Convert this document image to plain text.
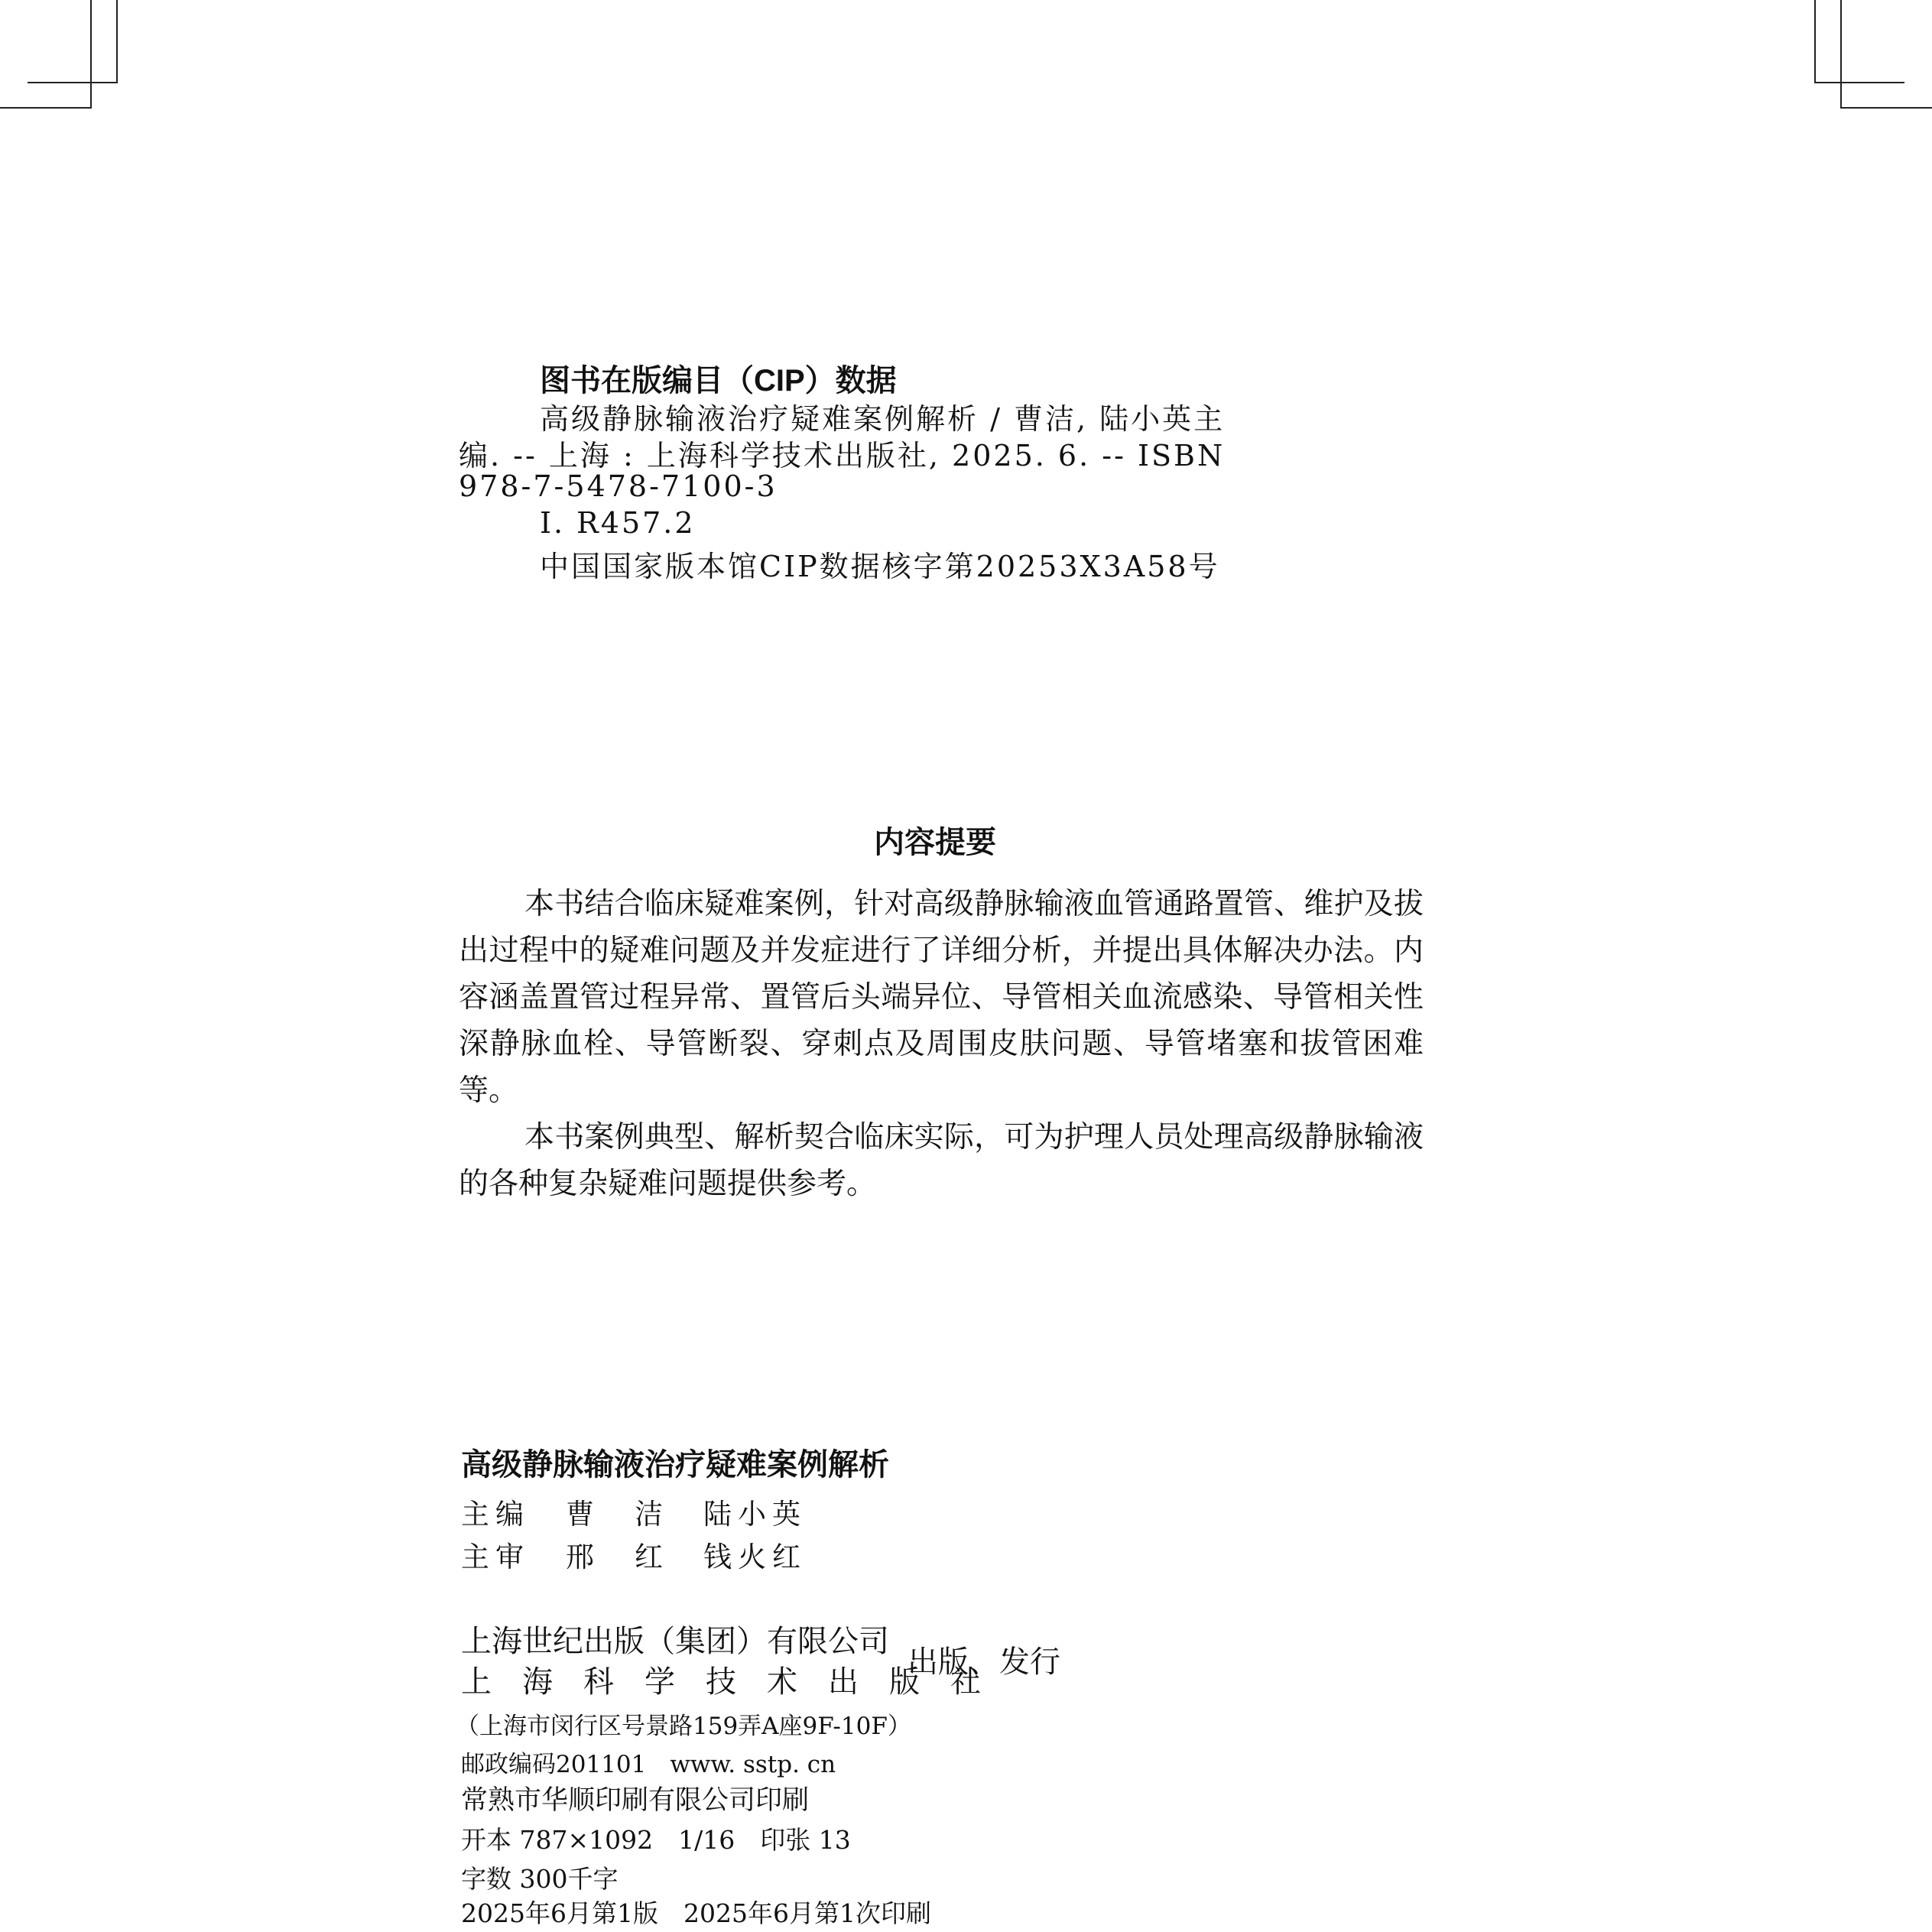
图书在版编目（CIP）数据
高级静脉输液治疗疑难案例解析 / 曹洁, 陆小英主
编. -- 上海 : 上海科学技术出版社, 2025. 6. -- ISBN
978-7-5478-7100-3
Ⅰ. R457.2
中国国家版本馆CIP数据核字第20253X3A58号
内容提要
本书结合临床疑难案例，针对高级静脉输液血管通路置管、维护及拔出过程中的疑难问题及并发症进行了详细分析，并提出具体解决办法。内容涵盖置管过程异常、置管后头端异位、导管相关血流感染、导管相关性深静脉血栓、导管断裂、穿刺点及周围皮肤问题、导管堵塞和拔管困难等。
本书案例典型、解析契合临床实际，可为护理人员处理高级静脉输液的各种复杂疑难问题提供参考。
高级静脉输液治疗疑难案例解析
主编 曹　洁　陆小英
主审 邢　红　钱火红
上海世纪出版（集团）有限公司
上　海　科　学　技　术　出　版　社
出版、发行
（上海市闵行区号景路159弄A座9F-10F）
邮政编码201101　www. sstp. cn
常熟市华顺印刷有限公司印刷
开本 787×1092　1/16　印张 13
字数 300千字
2025年6月第1版　2025年6月第1次印刷
